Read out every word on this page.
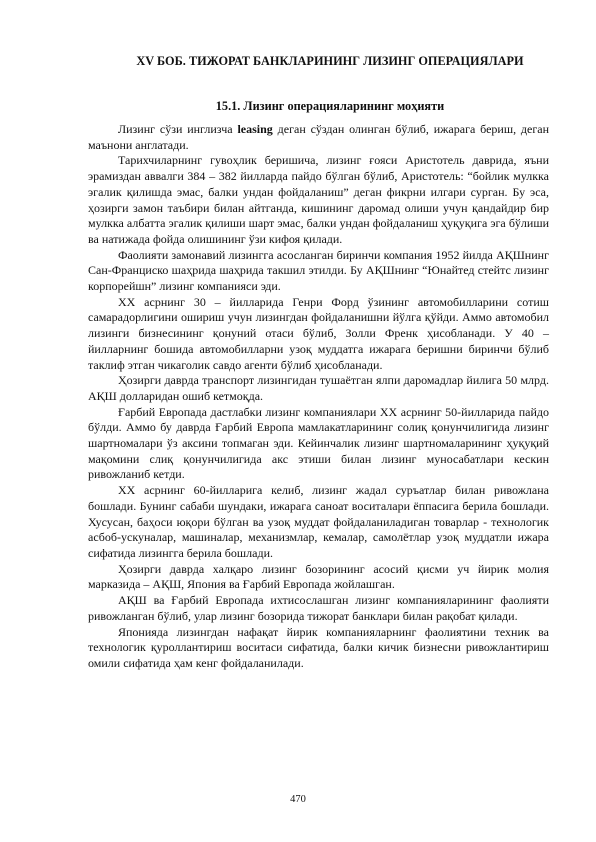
XV БОБ. ТИЖОРАТ БАНКЛАРИНИНГ ЛИЗИНГ ОПЕРАЦИЯЛАРИ
15.1. Лизинг операцияларининг моҳияти

Лизинг сўзи инглизча leasing деган сўздан олинган бўлиб, ижарага бериш, деган маънони англатади.

Тарихчиларнинг гувоҳлик беришича, лизинг ғояси Аристотель даврида, яъни эрамиздан аввалги 384 – 382 йилларда пайдо бўлган бўлиб, Аристотель: “бойлик мулкка эгалик қилишда эмас, балки ундан фойдаланиш” деган фикрни илгари сурган. Бу эса, ҳозирги замон таъбири билан айтганда, кишининг даромад олиши учун қандайдир бир мулкка албатта эгалик қилиши шарт эмас, балки ундан фойдаланиш ҳуқуқига эга бўлиши ва натижада фойда олишининг ўзи кифоя қилади.

Фаолияти замонавий лизингга асосланган биринчи компания 1952 йилда АҚШнинг Сан-Франциско шаҳрида шаҳрида такшил этилди. Бу АҚШнинг “Юнайтед стейтс лизинг корпорейшн” лизинг компанияси эди.

XX асрнинг 30 – йилларида Генри Форд ўзининг автомобилларини сотиш самарадорлигини ошириш учун лизингдан фойдаланишни йўлга қўйди. Аммо автомобил лизинги бизнесининг қонуний отаси бўлиб, Золли Френк ҳисобланади. У 40 – йилларнинг бошида автомобилларни узоқ муддатга ижарага беришни биринчи бўлиб таклиф этган чикаголик савдо агенти бўлиб ҳисобланади.

Ҳозирги даврда транспорт лизингидан тушаётган ялпи даромадлар йилига 50 млрд. АҚШ долларидан ошиб кетмоқда.

Ғарбий Европада дастлабки лизинг компаниялари XX асрнинг 50-йилларида пайдо бўлди. Аммо бу даврда Ғарбий Европа мамлакатларининг солиқ қонунчилигида лизинг шартномалари ўз аксини топмаган эди. Кейинчалик лизинг шартномаларининг ҳуқуқий мақомини слиқ қонунчилигида акс этиши билан лизинг муносабатлари кескин ривожланиб кетди.

XX асрнинг 60-йилларига келиб, лизинг жадал суръатлар билан ривожлана бошлади. Бунинг сабаби шундаки, ижарага саноат воситалари ёппасига берила бошлади. Хусусан, баҳоси юқори бўлган ва узоқ муддат фойдаланиладиган товарлар - технологик асбоб-ускуналар, машиналар, механизмлар, кемалар, самолётлар узоқ муддатли ижара сифатида лизингга берила бошлади.

Ҳозирги даврда халқаро лизинг бозорининг асосий қисми уч йирик молия марказида – АҚШ, Япония ва Ғарбий Европада жойлашган.

АҚШ ва Ғарбий Европада ихтисослашган лизинг компанияларининг фаолияти ривожланган бўлиб, улар лизинг бозорида тижорат банклари билан рақобат қилади.

Японияда лизингдан нафақат йирик компанияларнинг фаолиятини техник ва технологик қуроллантириш воситаси сифатида, балки кичик бизнесни ривожлантириш омили сифатида ҳам кенг фойдаланилади.

470
